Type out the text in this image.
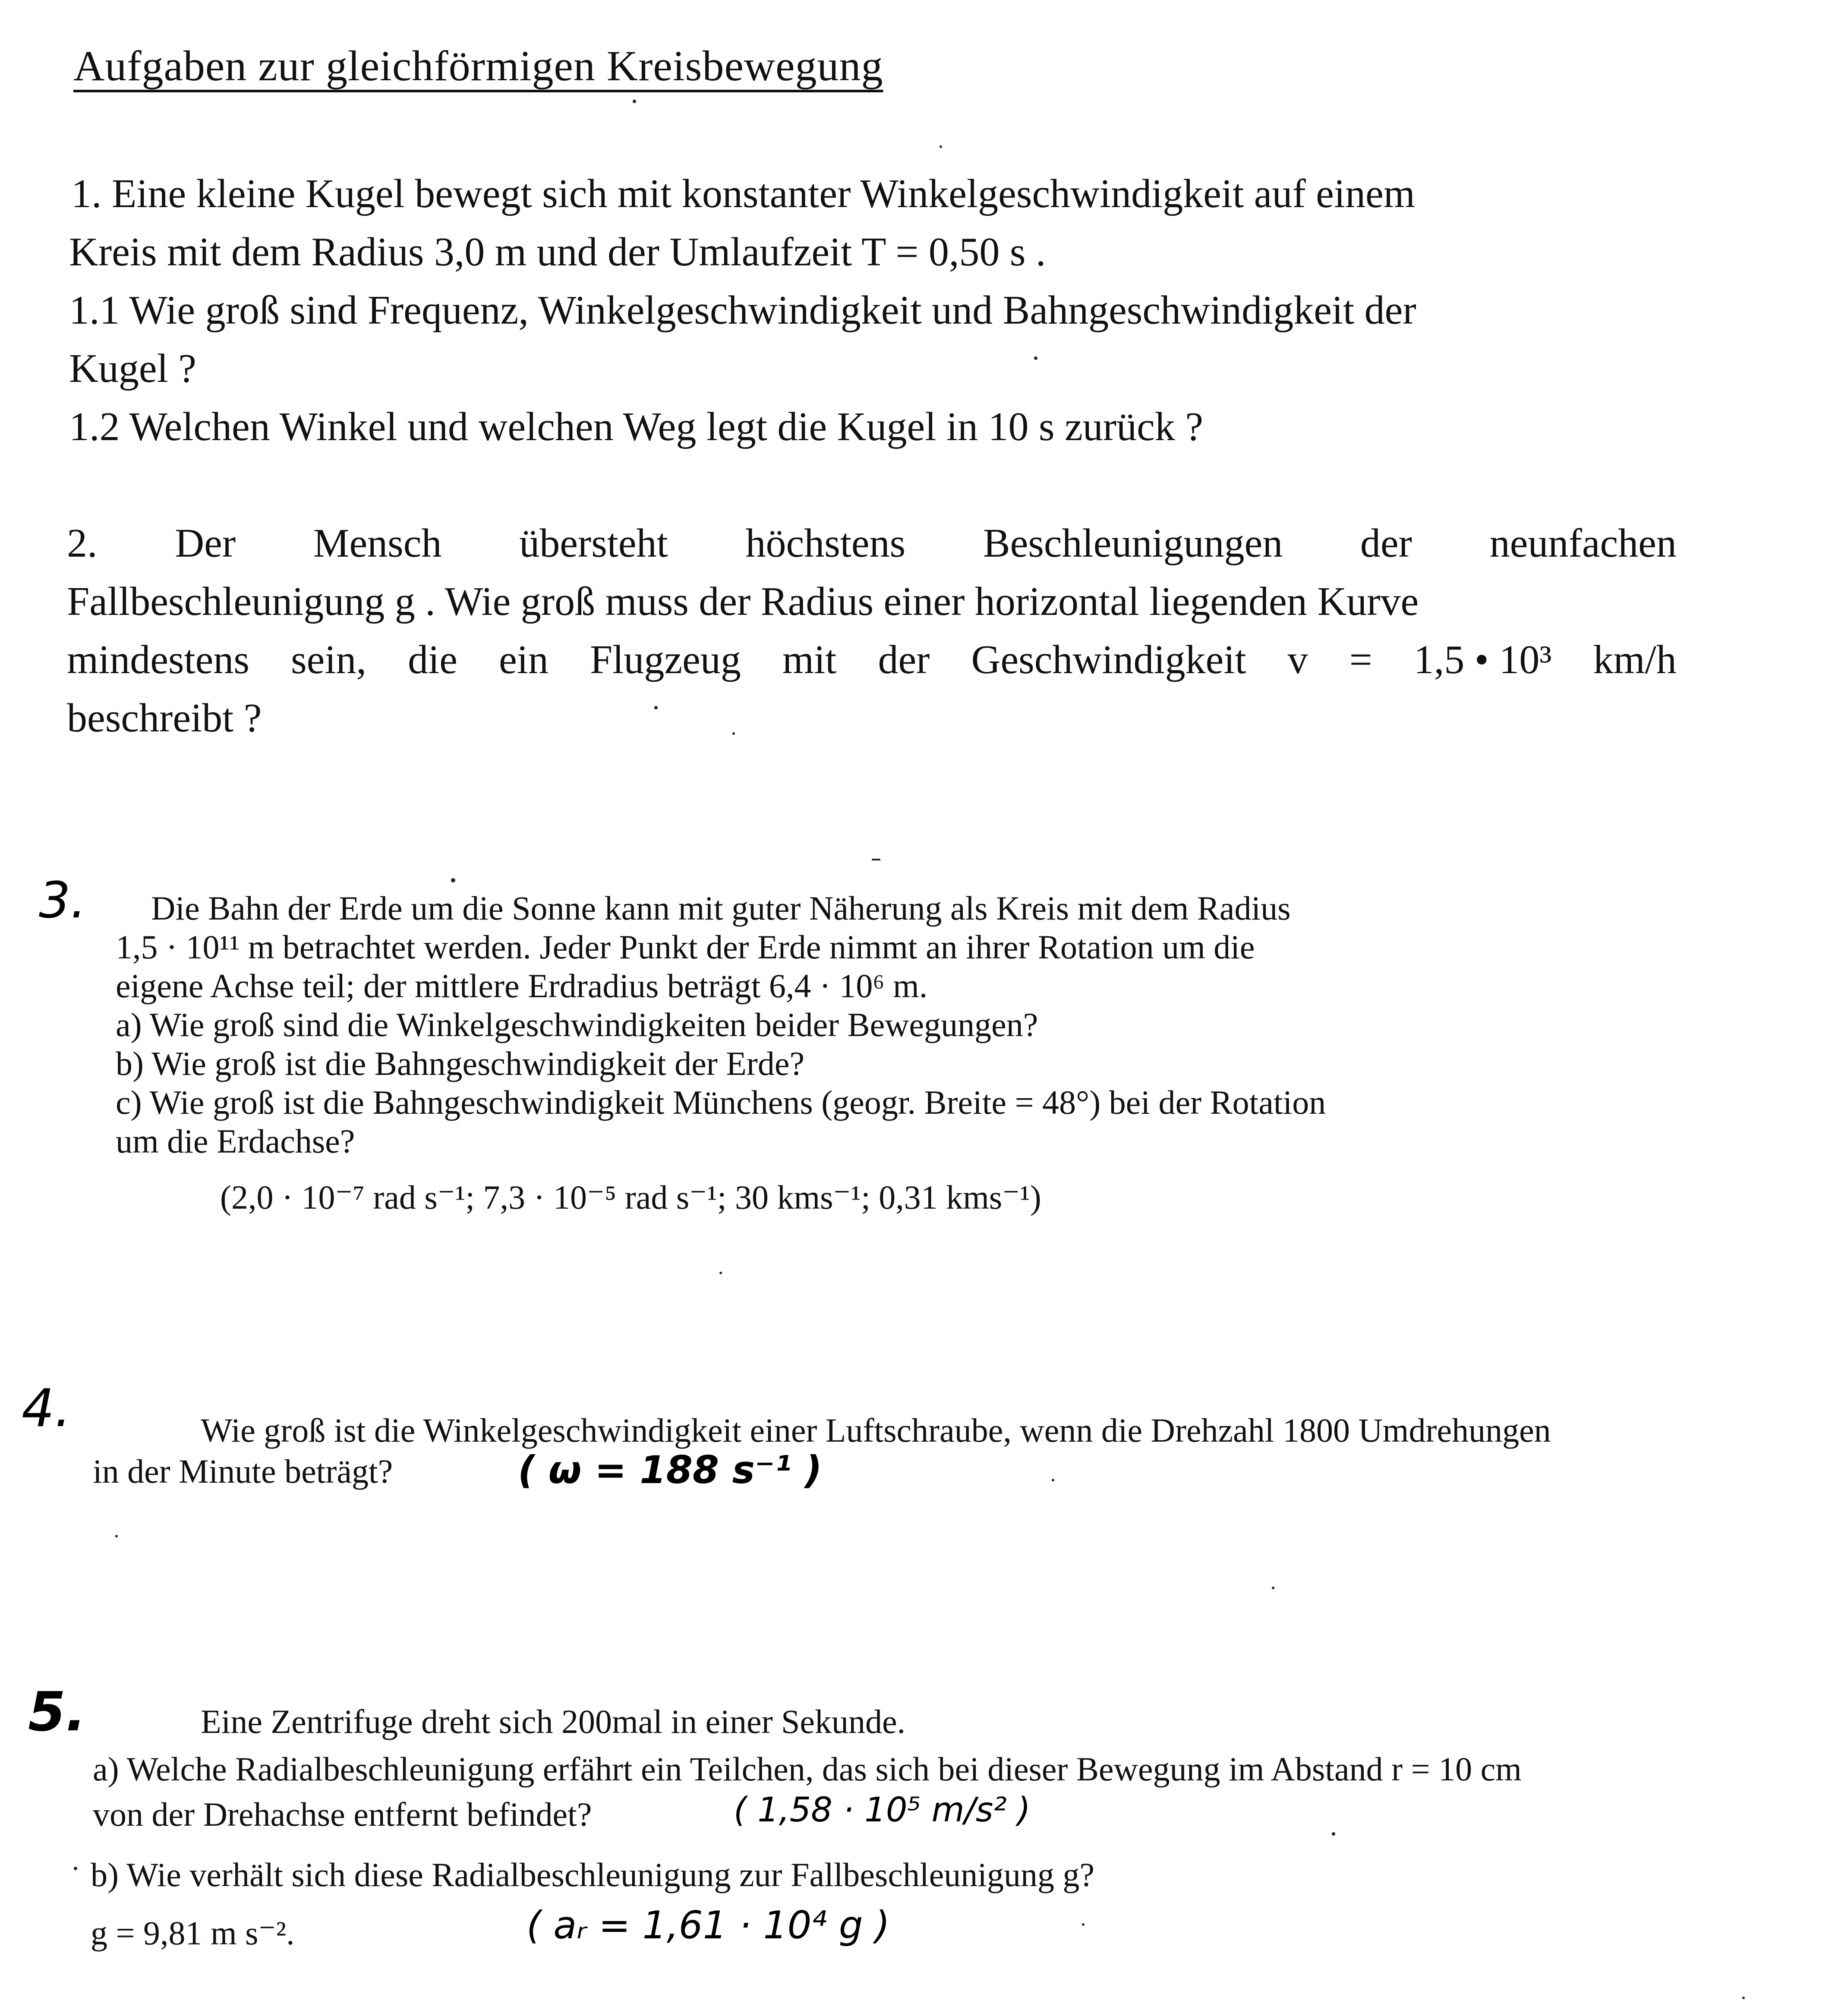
Aufgaben zur gleichförmigen Kreisbewegung
1. Eine kleine Kugel bewegt sich mit konstanter Winkelgeschwindigkeit auf einem
Kreis mit dem Radius 3,0 m und der Umlaufzeit T = 0,50 s .
1.1 Wie groß sind Frequenz, Winkelgeschwindigkeit und Bahngeschwindigkeit der
Kugel ?
1.2 Welchen Winkel und welchen Weg legt die Kugel in 10 s zurück ?
2. Der Mensch übersteht höchstens Beschleunigungen der neunfachen
Fallbeschleunigung g . Wie groß muss der Radius einer horizontal liegenden Kurve
mindestens sein, die ein Flugzeug mit der Geschwindigkeit v = 1,5 • 10³ km/h
beschreibt ?
3. Die Bahn der Erde um die Sonne kann mit guter Näherung als Kreis mit dem Radius
1,5 · 10¹¹ m betrachtet werden. Jeder Punkt der Erde nimmt an ihrer Rotation um die
eigene Achse teil; der mittlere Erdradius beträgt 6,4 · 10⁶ m.
a) Wie groß sind die Winkelgeschwindigkeiten beider Bewegungen?
b) Wie groß ist die Bahngeschwindigkeit der Erde?
c) Wie groß ist die Bahngeschwindigkeit Münchens (geogr. Breite = 48°) bei der Rotation
um die Erdachse?
(2,0 · 10⁻⁷ rad s⁻¹; 7,3 · 10⁻⁵ rad s⁻¹; 30 kms⁻¹; 0,31 kms⁻¹)
4.	Wie groß ist die Winkelgeschwindigkeit einer Luftschraube, wenn die Drehzahl 1800 Umdrehungen
in der Minute beträgt?	( ω = 188 s⁻¹ )
5.	Eine Zentrifuge dreht sich 200mal in einer Sekunde.
a) Welche Radialbeschleunigung erfährt ein Teilchen, das sich bei dieser Bewegung im Abstand r = 10 cm
von der Drehachse entfernt befindet?	( 1,58 · 10⁵ m/s² )
b) Wie verhält sich diese Radialbeschleunigung zur Fallbeschleunigung g?
g = 9,81 m s⁻².	( aᵣ = 1,61 · 10⁴ g )
